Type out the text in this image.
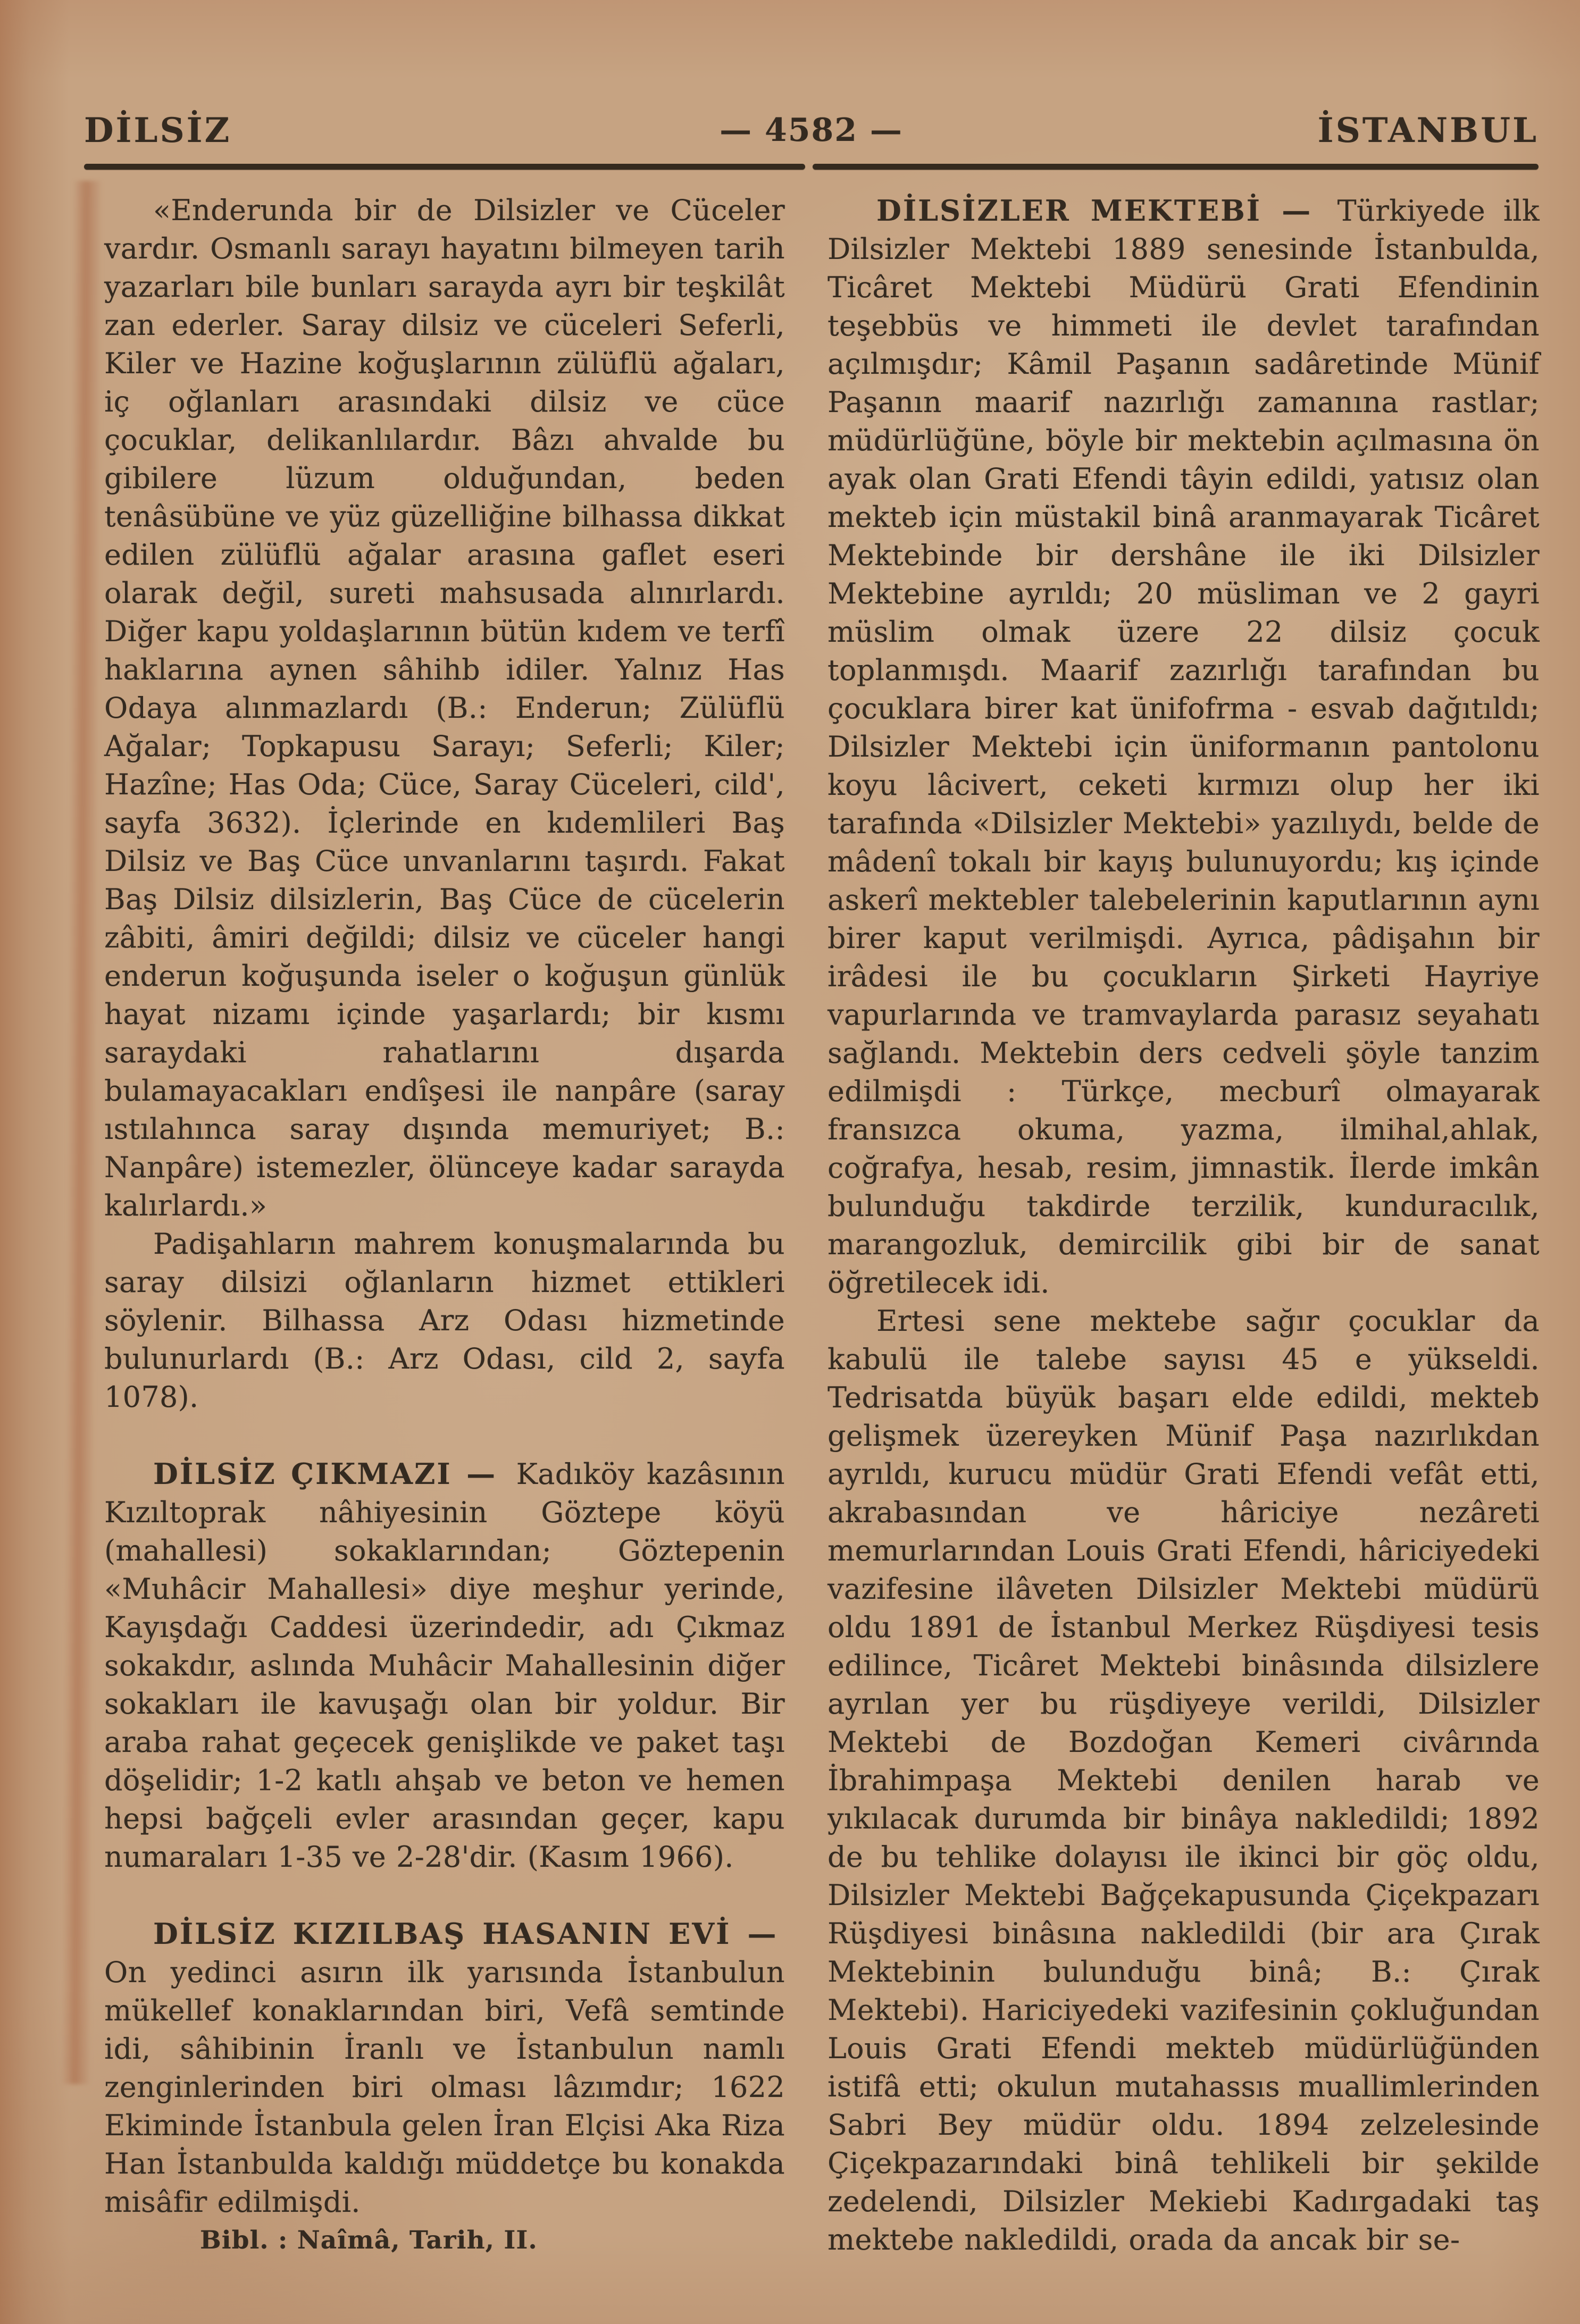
DİLSİZ	— 4582 —	İSTANBUL

«Enderunda bir de Dilsizler ve Cüceler vardır. Osmanlı sarayı hayatını bilmeyen tarih yazarları bile bunları sarayda ayrı bir teşkilât zan ederler. Saray dilsiz ve cüceleri Seferli, Kiler ve Hazine koğuşlarının zülüflü ağaları, iç oğlanları arasındaki dilsiz ve cüce çocuklar, delikanlılardır. Bâzı ahvalde bu gibilere lüzum olduğundan, beden tenâsübüne ve yüz güzelliğine bilhassa dikkat edilen zülüflü ağalar arasına gaflet eseri olarak değil, sureti mahsusada alınırlardı. Diğer kapu yoldaşlarının bütün kıdem ve terfî haklarına aynen sâhihb idiler. Yalnız Has Odaya alınmazlardı (B.: Enderun; Zülüflü Ağalar; Topkapusu Sarayı; Seferli; Kiler; Hazîne; Has Oda; Cüce, Saray Cüceleri, cild', sayfa 3632). İçlerinde en kıdemlileri Baş Dilsiz ve Baş Cüce unvanlarını taşırdı. Fakat Baş Dilsiz dilsizlerin, Baş Cüce de cücelerin zâbiti, âmiri değildi; dilsiz ve cüceler hangi enderun koğuşunda iseler o koğuşun günlük hayat nizamı içinde yaşarlardı; bir kısmı saraydaki rahatlarını dışarda bulamayacakları endîşesi ile nanpâre (saray ıstılahınca saray dışında memuriyet; B.: Nanpâre) istemezler, ölünceye kadar sarayda kalırlardı.»

Padişahların mahrem konuşmalarında bu saray dilsizi oğlanların hizmet ettikleri söylenir. Bilhassa Arz Odası hizmetinde bulunurlardı (B.: Arz Odası, cild 2, sayfa 1078).

DİLSİZ ÇIKMAZI — Kadıköy kazâsının Kızıltoprak nâhiyesinin Göztepe köyü (mahallesi) sokaklarından; Göztepenin «Muhâcir Mahallesi» diye meşhur yerinde, Kayışdağı Caddesi üzerindedir, adı Çıkmaz sokakdır, aslında Muhâcir Mahallesinin diğer sokakları ile kavuşağı olan bir yoldur. Bir araba rahat geçecek genişlikde ve paket taşı döşelidir; 1-2 katlı ahşab ve beton ve hemen hepsi bağçeli evler arasından geçer, kapu numaraları 1-35 ve 2-28'dir. (Kasım 1966).

DİLSİZ KIZILBAŞ HASANIN EVİ — On yedinci asırın ilk yarısında İstanbulun mükellef konaklarından biri, Vefâ semtinde idi, sâhibinin İranlı ve İstanbulun namlı zenginlerinden biri olması lâzımdır; 1622 Ekiminde İstanbula gelen İran Elçisi Aka Riza Han İstanbulda kaldığı müddetçe bu konakda misâfir edilmişdi.

Bibl. : Naîmâ, Tarih, II.

DİLSİZLER MEKTEBİ — Türkiyede ilk Dilsizler Mektebi 1889 senesinde İstanbulda, Ticâret Mektebi Müdürü Grati Efendinin teşebbüs ve himmeti ile devlet tarafından açılmışdır; Kâmil Paşanın sadâretinde Münif Paşanın maarif nazırlığı zamanına rastlar; müdürlüğüne, böyle bir mektebin açılmasına ön ayak olan Grati Efendi tâyin edildi, yatısız olan mekteb için müstakil binâ aranmayarak Ticâret Mektebinde bir dershâne ile iki Dilsizler Mektebine ayrıldı; 20 müsliman ve 2 gayri müslim olmak üzere 22 dilsiz çocuk toplanmışdı. Maarif zazırlığı tarafından bu çocuklara birer kat ünifofrma - esvab dağıtıldı; Dilsizler Mektebi için üniformanın pantolonu koyu lâcivert, ceketi kırmızı olup her iki tarafında «Dilsizler Mektebi» yazılıydı, belde de mâdenî tokalı bir kayış bulunuyordu; kış içinde askerî mektebler talebelerinin kaputlarının aynı birer kaput verilmişdi. Ayrıca, pâdişahın bir irâdesi ile bu çocukların Şirketi Hayriye vapurlarında ve tramvaylarda parasız seyahatı sağlandı. Mektebin ders cedveli şöyle tanzim edilmişdi : Türkçe, mecburî olmayarak fransızca okuma, yazma, ilmihal,ahlak, coğrafya, hesab, resim, jimnastik. İlerde imkân bulunduğu takdirde terzilik, kunduracılık, marangozluk, demircilik gibi bir de sanat öğretilecek idi.

Ertesi sene mektebe sağır çocuklar da kabulü ile talebe sayısı 45 e yükseldi. Tedrisatda büyük başarı elde edildi, mekteb gelişmek üzereyken Münif Paşa nazırlıkdan ayrıldı, kurucu müdür Grati Efendi vefât etti, akrabasından ve hâriciye nezâreti memurlarından Louis Grati Efendi, hâriciyedeki vazifesine ilâveten Dilsizler Mektebi müdürü oldu 1891 de İstanbul Merkez Rüşdiyesi tesis edilince, Ticâret Mektebi binâsında dilsizlere ayrılan yer bu rüşdiyeye verildi, Dilsizler Mektebi de Bozdoğan Kemeri civârında İbrahimpaşa Mektebi denilen harab ve yıkılacak durumda bir binâya nakledildi; 1892 de bu tehlike dolayısı ile ikinci bir göç oldu, Dilsizler Mektebi Bağçekapusunda Çiçekpazarı Rüşdiyesi binâsına nakledildi (bir ara Çırak Mektebinin bulunduğu binâ; B.: Çırak Mektebi). Hariciyedeki vazifesinin çokluğundan Louis Grati Efendi mekteb müdürlüğünden istifâ etti; okulun mutahassıs muallimlerinden Sabri Bey müdür oldu. 1894 zelzelesinde Çiçekpazarındaki binâ tehlikeli bir şekilde zedelendi, Dilsizler Mekiebi Kadırgadaki taş mektebe nakledildi, orada da ancak bir se-
